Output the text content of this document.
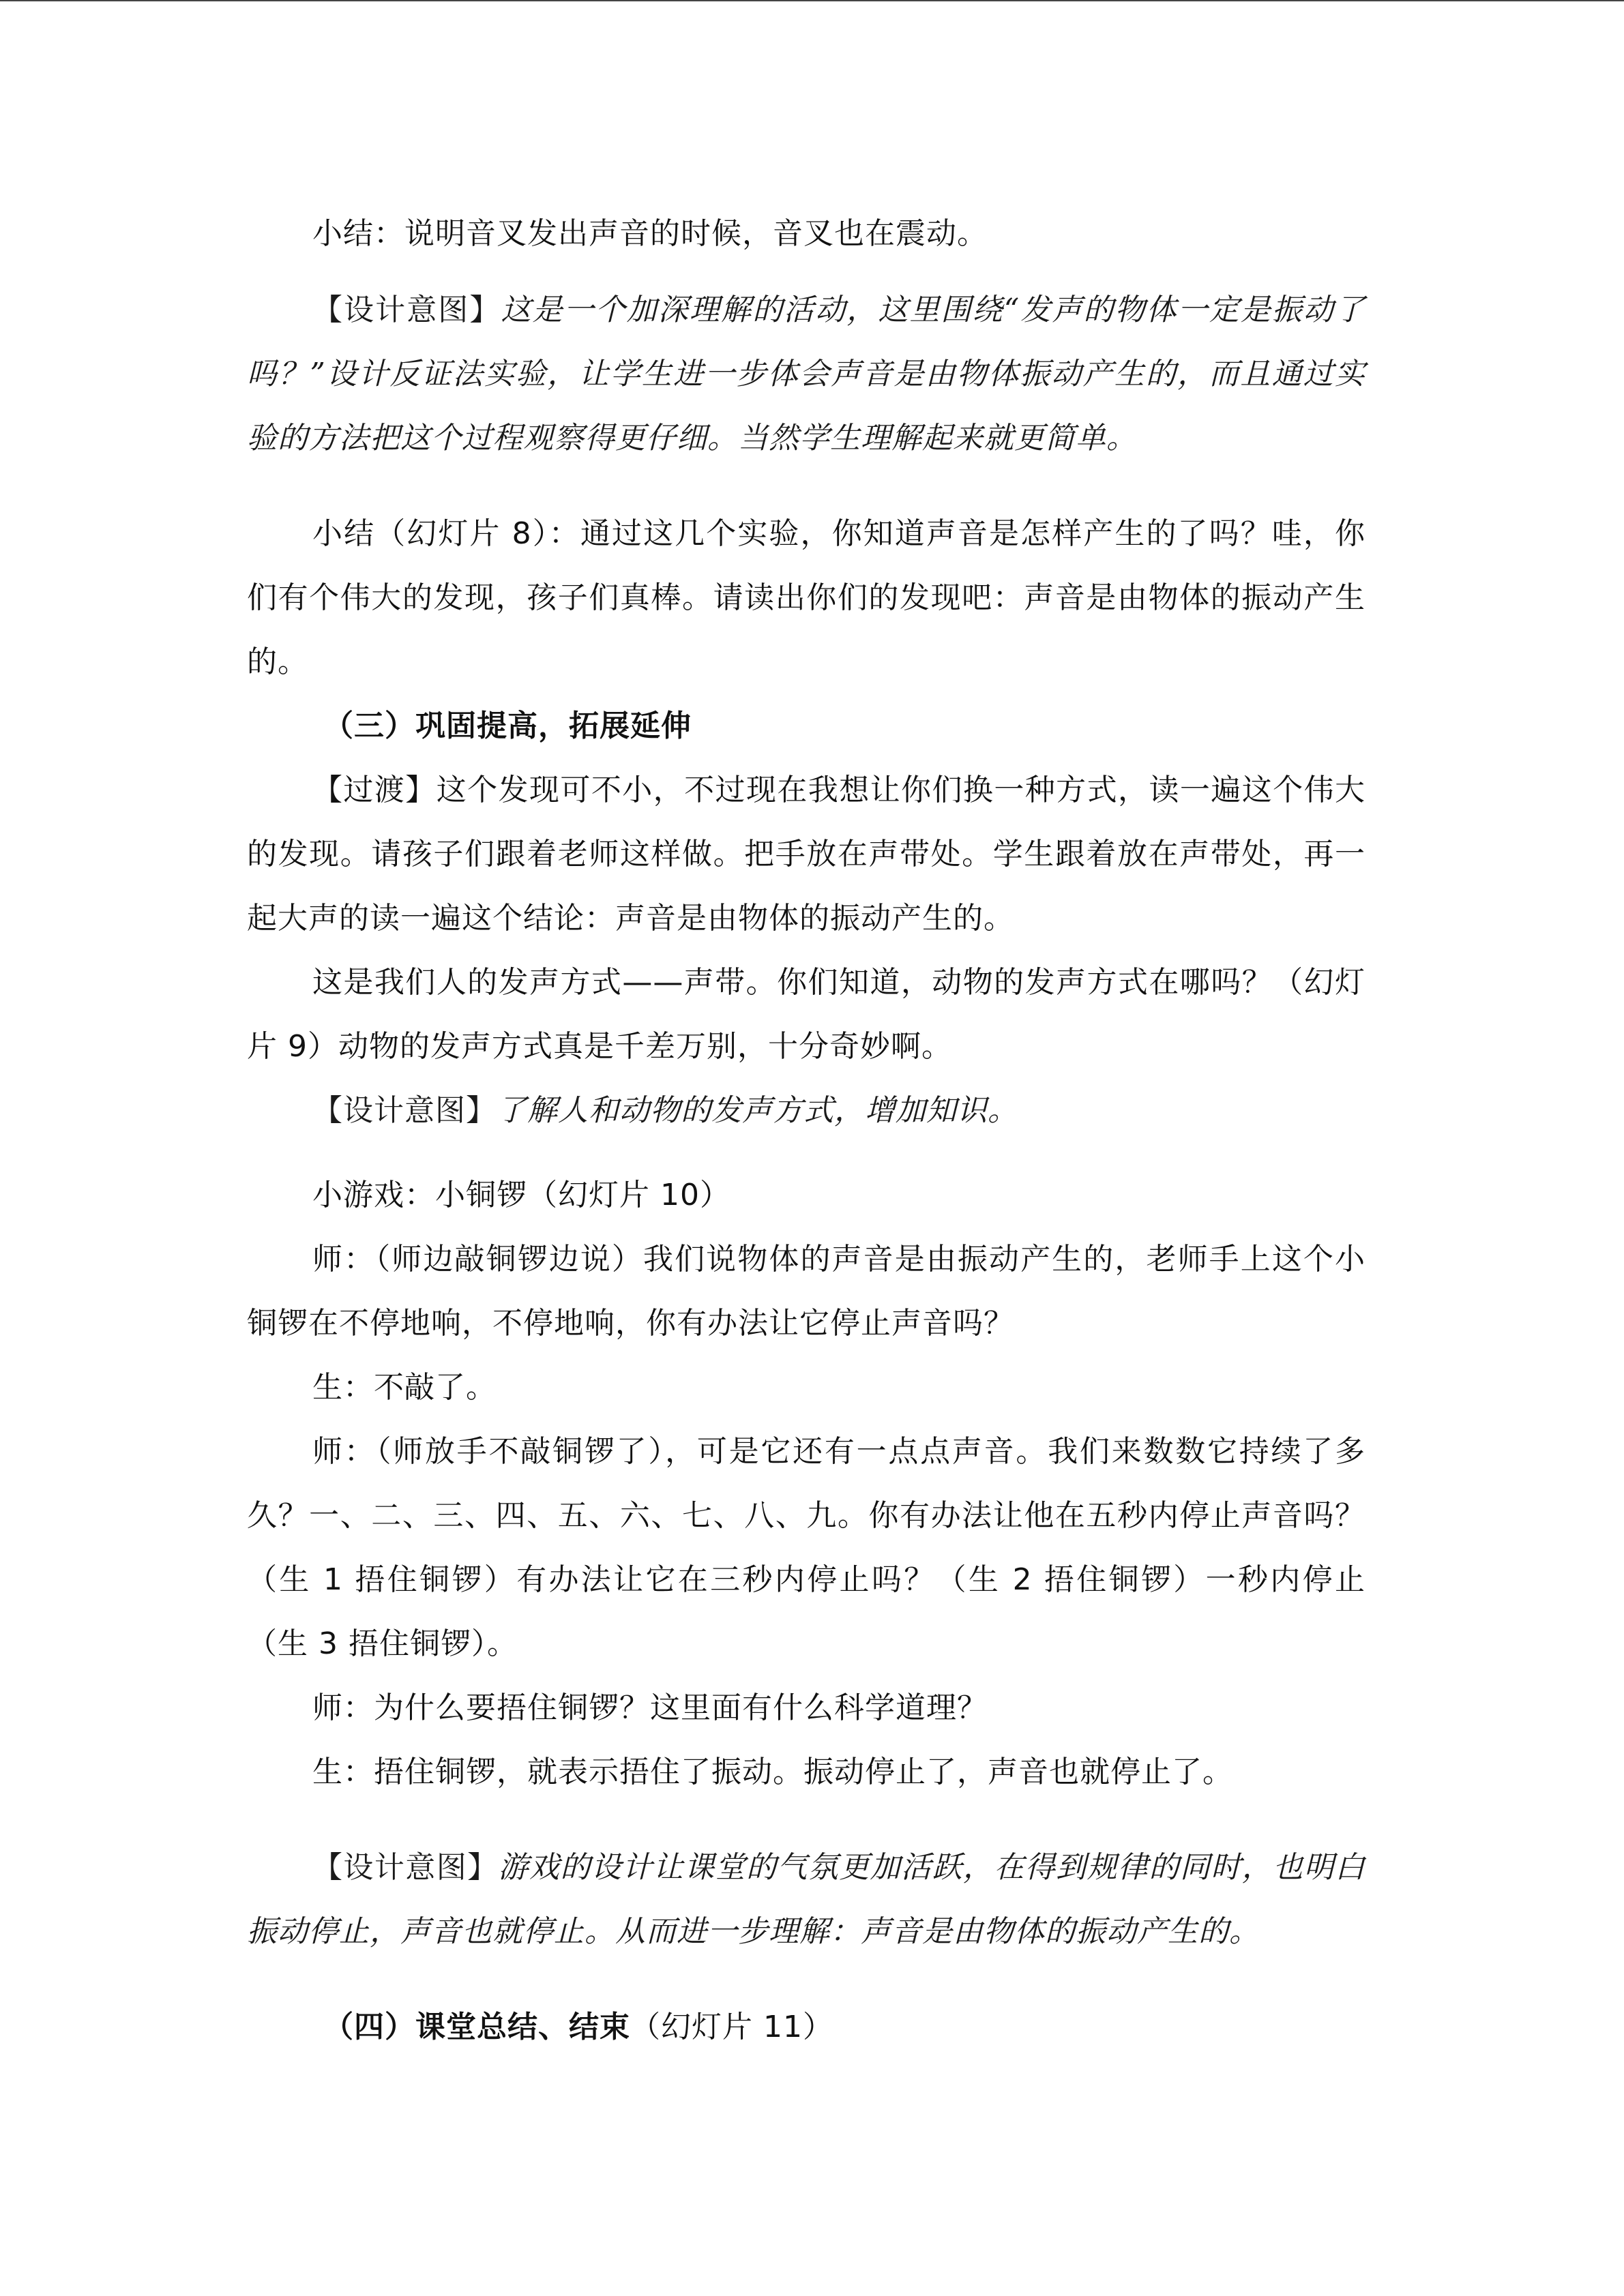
小结：说明音叉发出声音的时候，音叉也在震动。

【设计意图】这是一个加深理解的活动，这里围绕“发声的物体一定是振动了吗？”设计反证法实验，让学生进一步体会声音是由物体振动产生的，而且通过实验的方法把这个过程观察得更仔细。当然学生理解起来就更简单。

小结（幻灯片 8）：通过这几个实验，你知道声音是怎样产生的了吗？哇，你们有个伟大的发现，孩子们真棒。请读出你们的发现吧：声音是由物体的振动产生的。

（三）巩固提高，拓展延伸

【过渡】这个发现可不小，不过现在我想让你们换一种方式，读一遍这个伟大的发现。请孩子们跟着老师这样做。把手放在声带处。学生跟着放在声带处，再一起大声的读一遍这个结论：声音是由物体的振动产生的。

这是我们人的发声方式——声带。你们知道，动物的发声方式在哪吗？（幻灯片 9）动物的发声方式真是千差万别，十分奇妙啊。

【设计意图】了解人和动物的发声方式，增加知识。

小游戏：小铜锣（幻灯片 10）

师：（师边敲铜锣边说）我们说物体的声音是由振动产生的，老师手上这个小铜锣在不停地响，不停地响，你有办法让它停止声音吗？

生：不敲了。

师：（师放手不敲铜锣了），可是它还有一点点声音。我们来数数它持续了多久？一、二、三、四、五、六、七、八、九。你有办法让他在五秒内停止声音吗？（生 1 捂住铜锣）有办法让它在三秒内停止吗？（生 2 捂住铜锣）一秒内停止（生 3 捂住铜锣）。

师：为什么要捂住铜锣？这里面有什么科学道理？

生：捂住铜锣，就表示捂住了振动。振动停止了，声音也就停止了。

【设计意图】游戏的设计让课堂的气氛更加活跃，在得到规律的同时，也明白振动停止，声音也就停止。从而进一步理解：声音是由物体的振动产生的。

（四）课堂总结、结束（幻灯片 11）
